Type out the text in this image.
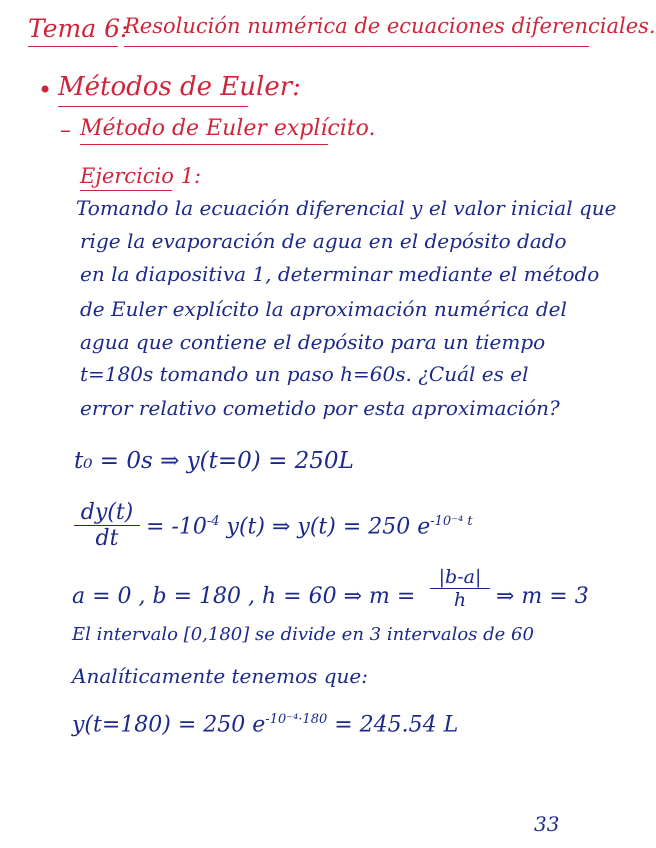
Tema 6:
Resolución numérica de ecuaciones diferenciales.
• Métodos de Euler:
– Método de Euler explícito.
Ejercicio 1:
Tomando la ecuación diferencial y el valor inicial que
rige la evaporación de agua en el depósito dado
en la diapositiva 1, determinar mediante el método
de Euler explícito la aproximación numérica del
agua que contiene el depósito para un tiempo
t=180s tomando un paso h=60s. ¿Cuál es el
error relativo cometido por esta aproximación?
t₀ = 0s ⇒ y(t=0) = 250L
dy(t)
dt	= $-10^{-4}$ y(t) ⇒ y(t) = 250 $e^{-10^{-4} t}$
a = 0 , b = 180 , h = 60 ⇒ m =
|b-a|
h	⇒ m = 3
El intervalo [0,180] se divide en 3 intervalos de 60
Analíticamente tenemos que:
y(t=180) = 250 $e^{-10^{-4}\cdot 180} = 245.54$ L
33
